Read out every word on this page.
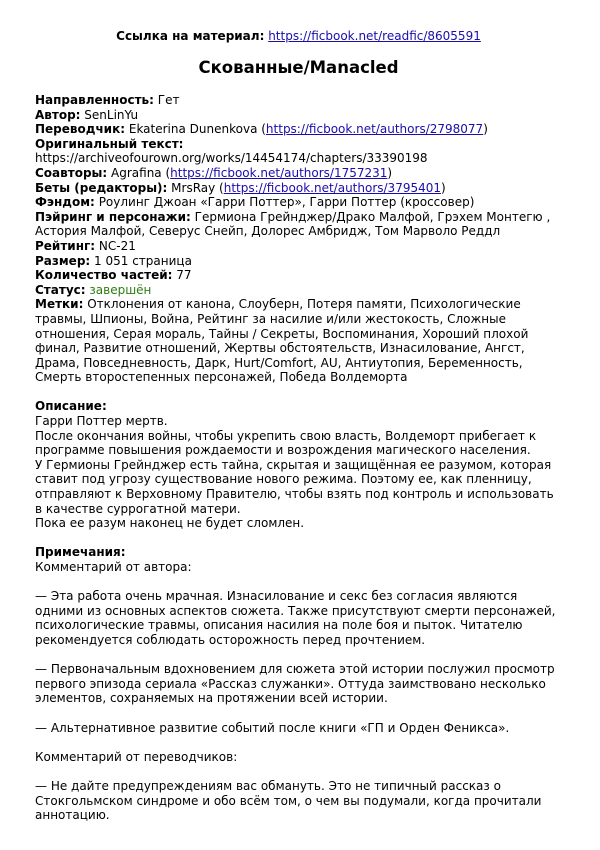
Ссылка на материал: https://ficbook.net/readfic/8605591
Скованные/Manacled
Направленность: Гет
Автор: SenLinYu
Переводчик: Ekaterina Dunenkova (https://ficbook.net/authors/2798077)
Оригинальный текст:
https://archiveofourown.org/works/14454174/chapters/33390198
Соавторы: Agrafina (https://ficbook.net/authors/1757231)
Беты (редакторы): MrsRay (https://ficbook.net/authors/3795401)
Фэндом: Роулинг Джоан «Гарри Поттер», Гарри Поттер (кроссовер)
Пэйринг и персонажи: Гермиона Грейнджер/Драко Малфой, Грэхем Монтегю , Астория Малфой, Северус Снейп, Долорес Амбридж, Том Марволо Реддл
Рейтинг: NC-21
Размер: 1 051 страница
Количество частей: 77
Статус: завершён
Метки: Отклонения от канона, Слоуберн, Потеря памяти, Психологические травмы, Шпионы, Война, Рейтинг за насилие и/или жестокость, Сложные отношения, Серая мораль, Тайны / Секреты, Воспоминания, Хороший плохой финал, Развитие отношений, Жертвы обстоятельств, Изнасилование, Ангст, Драма, Повседневность, Дарк, Hurt/Comfort, AU, Антиутопия, Беременность, Смерть второстепенных персонажей, Победа Волдеморта
Описание:
Гарри Поттер мертв.
После окончания войны, чтобы укрепить свою власть, Волдеморт прибегает к программе повышения рождаемости и возрождения магического населения.
У Гермионы Грейнджер есть тайна, скрытая и защищённая ее разумом, которая ставит под угрозу существование нового режима. Поэтому ее, как пленницу, отправляют к Верховному Правителю, чтобы взять под контроль и использовать в качестве суррогатной матери.
Пока ее разум наконец не будет сломлен.
Примечания:
Комментарий от автора:
— Эта работа очень мрачная. Изнасилование и секс без согласия являются одними из основных аспектов сюжета. Также присутствуют смерти персонажей, психологические травмы, описания насилия на поле боя и пыток. Читателю рекомендуется соблюдать осторожность перед прочтением.
— Первоначальным вдохновением для сюжета этой истории послужил просмотр первого эпизода сериала «Рассказ служанки». Оттуда заимствовано несколько элементов, сохраняемых на протяжении всей истории.
— Альтернативное развитие событий после книги «ГП и Орден Феникса».
Комментарий от переводчиков:
— Не дайте предупреждениям вас обмануть. Это не типичный рассказ о Стокгольмском синдроме и обо всём том, о чем вы подумали, когда прочитали аннотацию.
